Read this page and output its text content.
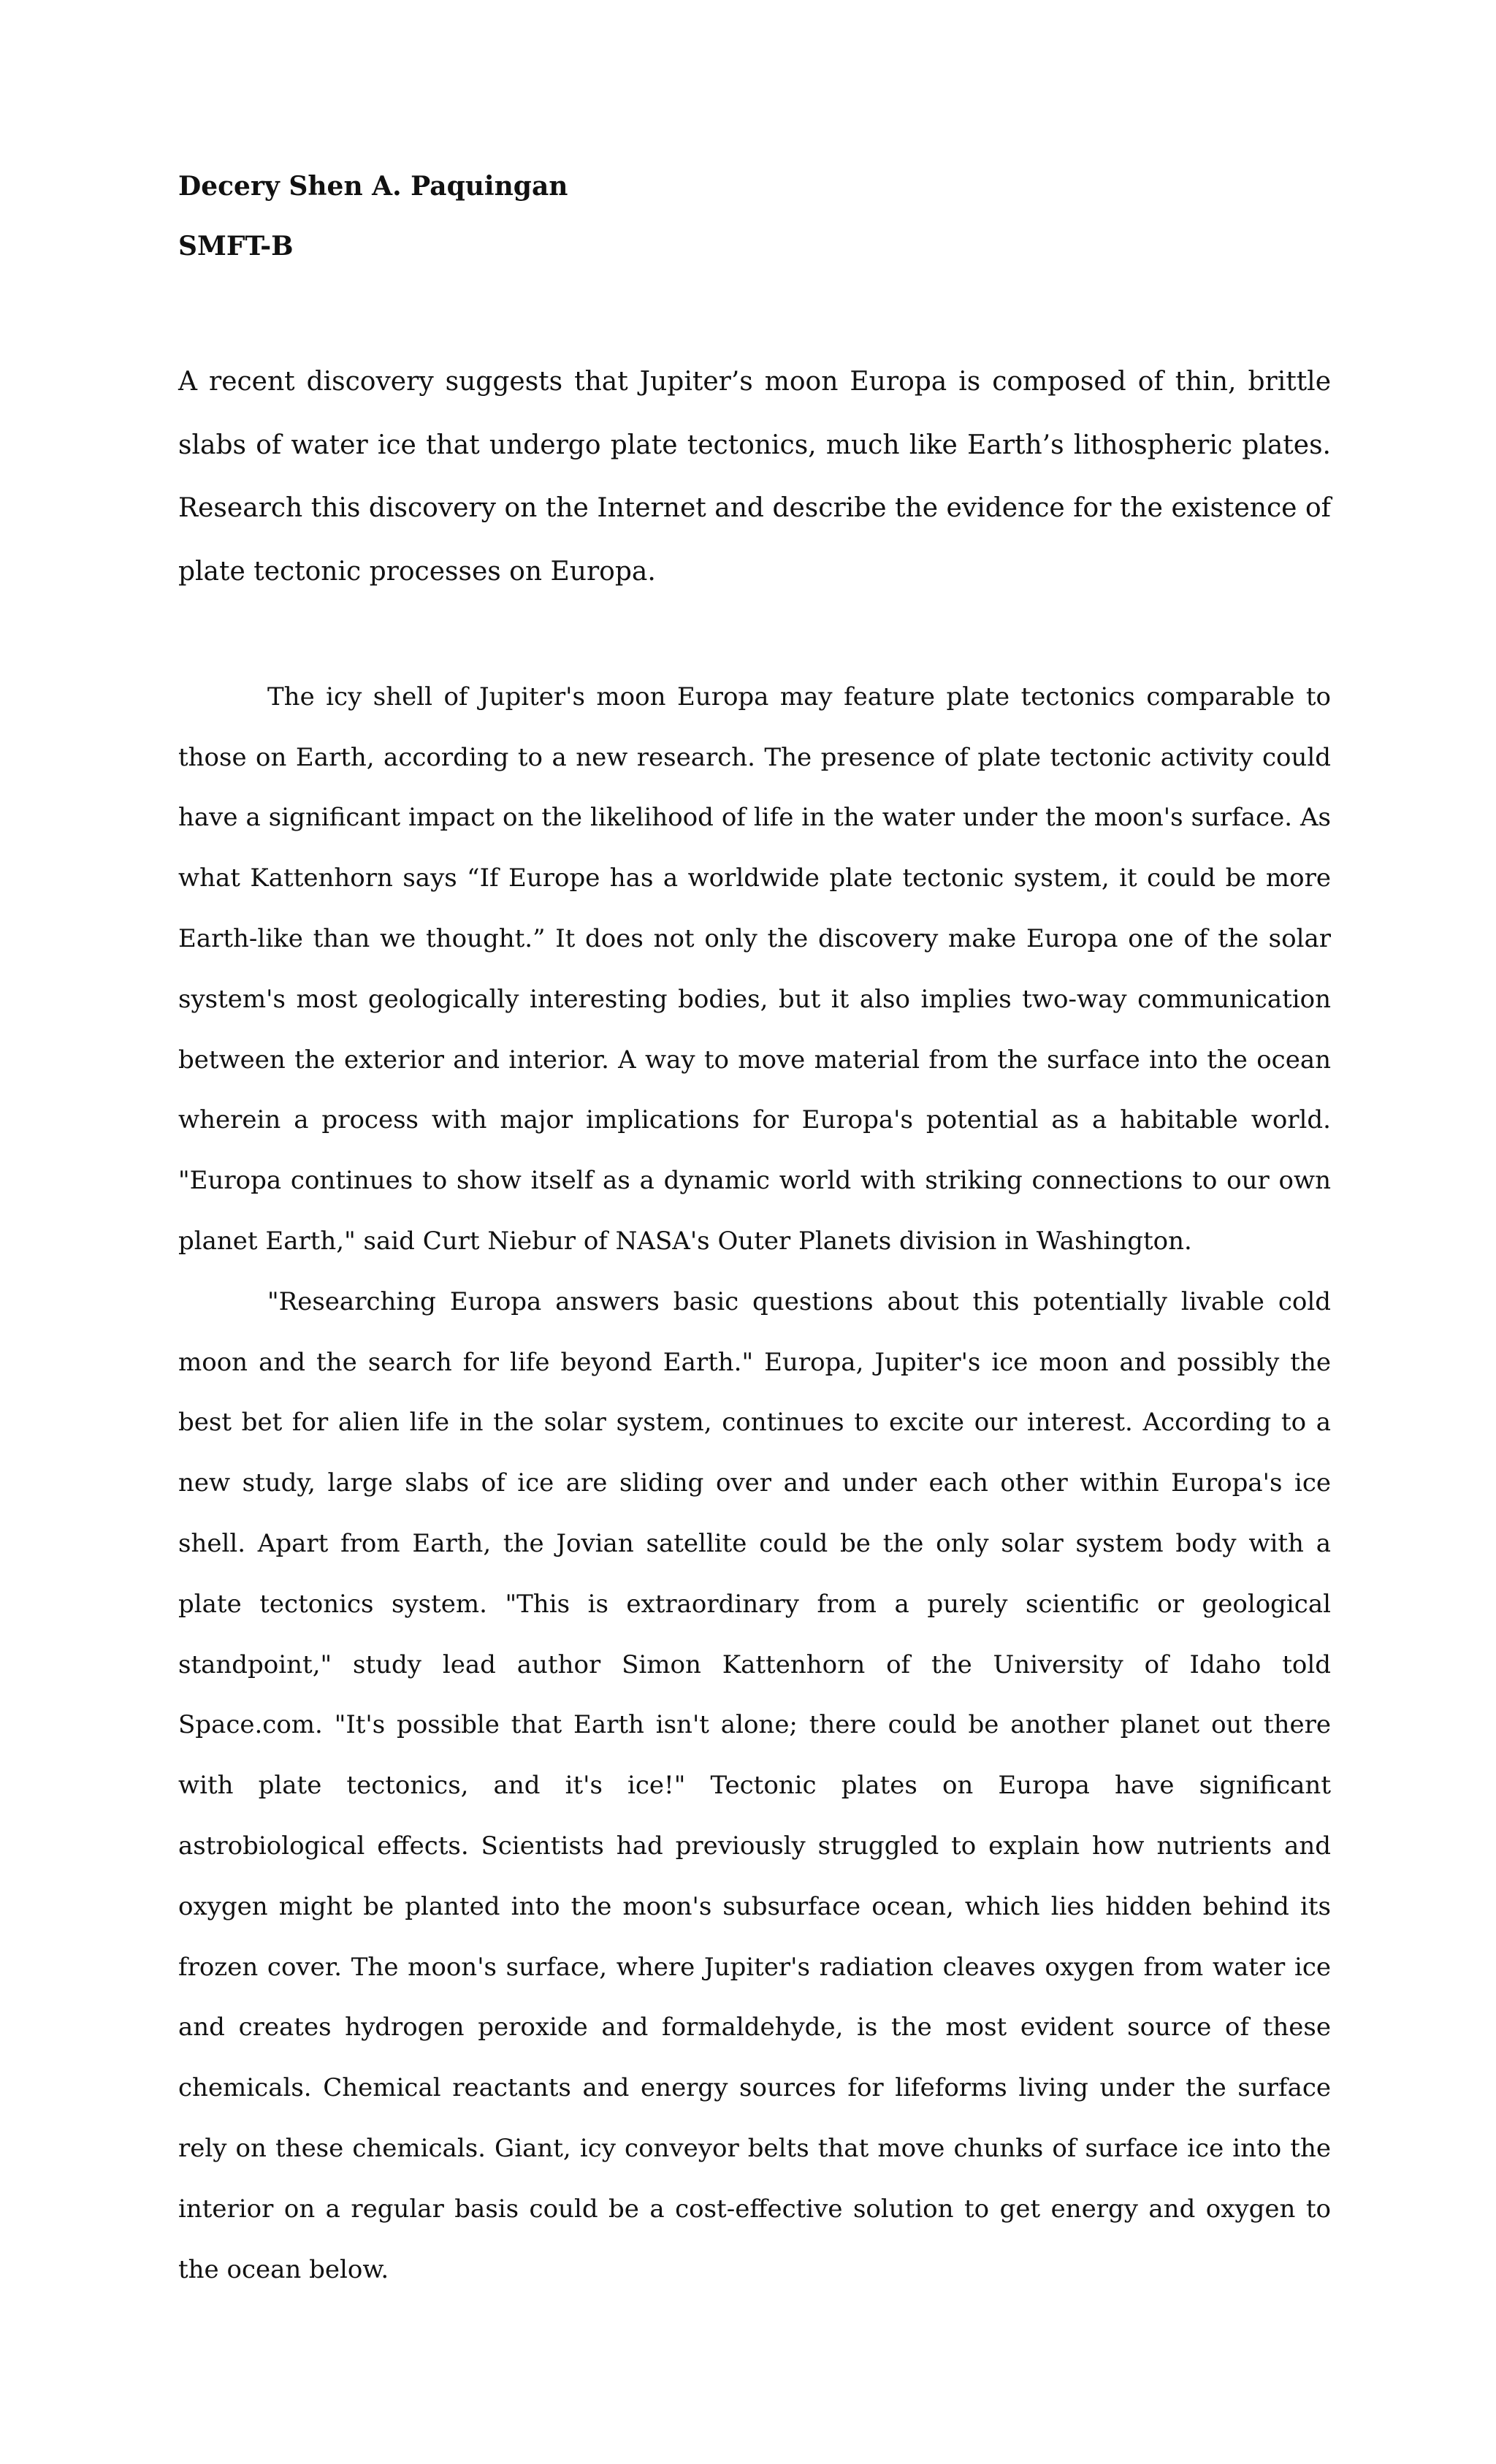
Decery Shen A. Paquingan

SMFT-B

A recent discovery suggests that Jupiter’s moon Europa is composed of thin, brittle slabs of water ice that undergo plate tectonics, much like Earth’s lithospheric plates. Research this discovery on the Internet and describe the evidence for the existence of plate tectonic processes on Europa.

The icy shell of Jupiter's moon Europa may feature plate tectonics comparable to those on Earth, according to a new research. The presence of plate tectonic activity could have a significant impact on the likelihood of life in the water under the moon's surface. As what Kattenhorn says “If Europe has a worldwide plate tectonic system, it could be more Earth-like than we thought.” It does not only the discovery make Europa one of the solar system's most geologically interesting bodies, but it also implies two-way communication between the exterior and interior. A way to move material from the surface into the ocean wherein a process with major implications for Europa's potential as a habitable world. "Europa continues to show itself as a dynamic world with striking connections to our own planet Earth," said Curt Niebur of NASA's Outer Planets division in Washington.

"Researching Europa answers basic questions about this potentially livable cold moon and the search for life beyond Earth." Europa, Jupiter's ice moon and possibly the best bet for alien life in the solar system, continues to excite our interest. According to a new study, large slabs of ice are sliding over and under each other within Europa's ice shell. Apart from Earth, the Jovian satellite could be the only solar system body with a plate tectonics system. "This is extraordinary from a purely scientific or geological standpoint," study lead author Simon Kattenhorn of the University of Idaho told Space.com. "It's possible that Earth isn't alone; there could be another planet out there with plate tectonics, and it's ice!" Tectonic plates on Europa have significant astrobiological effects. Scientists had previously struggled to explain how nutrients and oxygen might be planted into the moon's subsurface ocean, which lies hidden behind its frozen cover. The moon's surface, where Jupiter's radiation cleaves oxygen from water ice and creates hydrogen peroxide and formaldehyde, is the most evident source of these chemicals. Chemical reactants and energy sources for lifeforms living under the surface rely on these chemicals. Giant, icy conveyor belts that move chunks of surface ice into the interior on a regular basis could be a cost-effective solution to get energy and oxygen to the ocean below.
